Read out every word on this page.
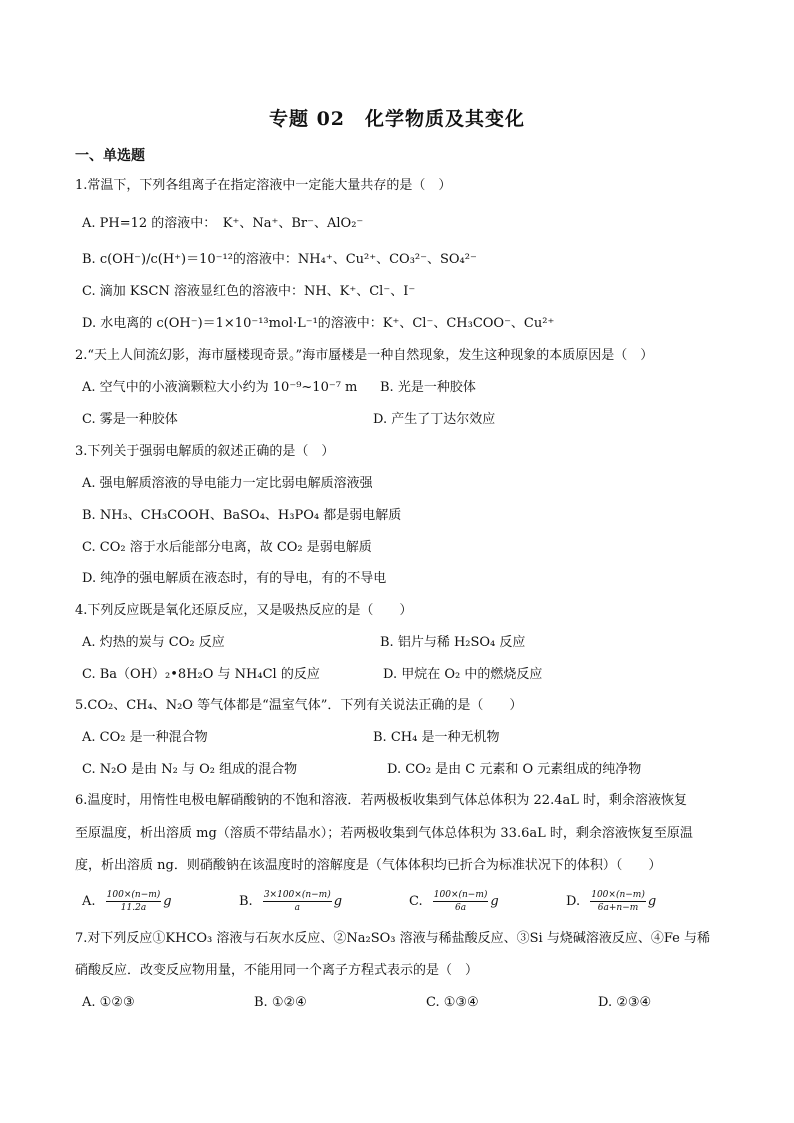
专题 02　化学物质及其变化
一、单选题
1.常温下，下列各组离子在指定溶液中一定能大量共存的是（　）
A. PH=12 的溶液中：　K⁺、Na⁺、Br⁻、AlO₂⁻
B. c(OH⁻)/c(H⁺)＝10⁻¹²的溶液中：NH₄⁺、Cu²⁺、CO₃²⁻、SO₄²⁻
C. 滴加 KSCN 溶液显红色的溶液中：NH、K⁺、Cl⁻、I⁻
D. 水电离的 c(OH⁻)＝1×10⁻¹³mol·L⁻¹的溶液中：K⁺、Cl⁻、CH₃COO⁻、Cu²⁺
2.“天上人间流幻影，海市蜃楼现奇景。”海市蜃楼是一种自然现象，发生这种现象的本质原因是（　）
A. 空气中的小液滴颗粒大小约为 10⁻⁹~10⁻⁷ m B. 光是一种胶体
C. 雾是一种胶体	D. 产生了丁达尔效应
3.下列关于强弱电解质的叙述正确的是（　）
A. 强电解质溶液的导电能力一定比弱电解质溶液强
B. NH₃、CH₃COOH、BaSO₄、H₃PO₄ 都是弱电解质
C. CO₂ 溶于水后能部分电离，故 CO₂ 是弱电解质
D. 纯净的强电解质在液态时，有的导电，有的不导电
4.下列反应既是氧化还原反应，又是吸热反应的是（　　）
A. 灼热的炭与 CO₂ 反应	B. 铝片与稀 H₂SO₄ 反应
C. Ba（OH）₂•8H₂O 与 NH₄Cl 的反应	D. 甲烷在 O₂ 中的燃烧反应
5.CO₂、CH₄、N₂O 等气体都是“温室气体”．下列有关说法正确的是（　　）
A. CO₂ 是一种混合物	B. CH₄ 是一种无机物
C. N₂O 是由 N₂ 与 O₂ 组成的混合物	D. CO₂ 是由 C 元素和 O 元素组成的纯净物
6.温度时，用惰性电极电解硝酸钠的不饱和溶液．若两极板收集到气体总体积为 22.4aL 时，剩余溶液恢复
至原温度，析出溶质 mg（溶质不带结晶水）；若两极收集到气体总体积为 33.6aL 时，剩余溶液恢复至原温
度，析出溶质 ng．则硝酸钠在该温度时的溶解度是（气体体积均已折合为标准状况下的体积）（　　）
A. $\frac{100\times(n-m)}{11.2a}$ g	B. $\frac{3\times 100\times(n-m)}{a}$ g	C. $\frac{100\times(n-m)}{6a}$ g	D. $\frac{100\times(n-m)}{6a+n-m}$ g
7.对下列反应①KHCO₃ 溶液与石灰水反应、②Na₂SO₃ 溶液与稀盐酸反应、③Si 与烧碱溶液反应、④Fe 与稀
硝酸反应．改变反应物用量，不能用同一个离子方程式表示的是（　）
A. ①②③	B. ①②④	C. ①③④	D. ②③④
